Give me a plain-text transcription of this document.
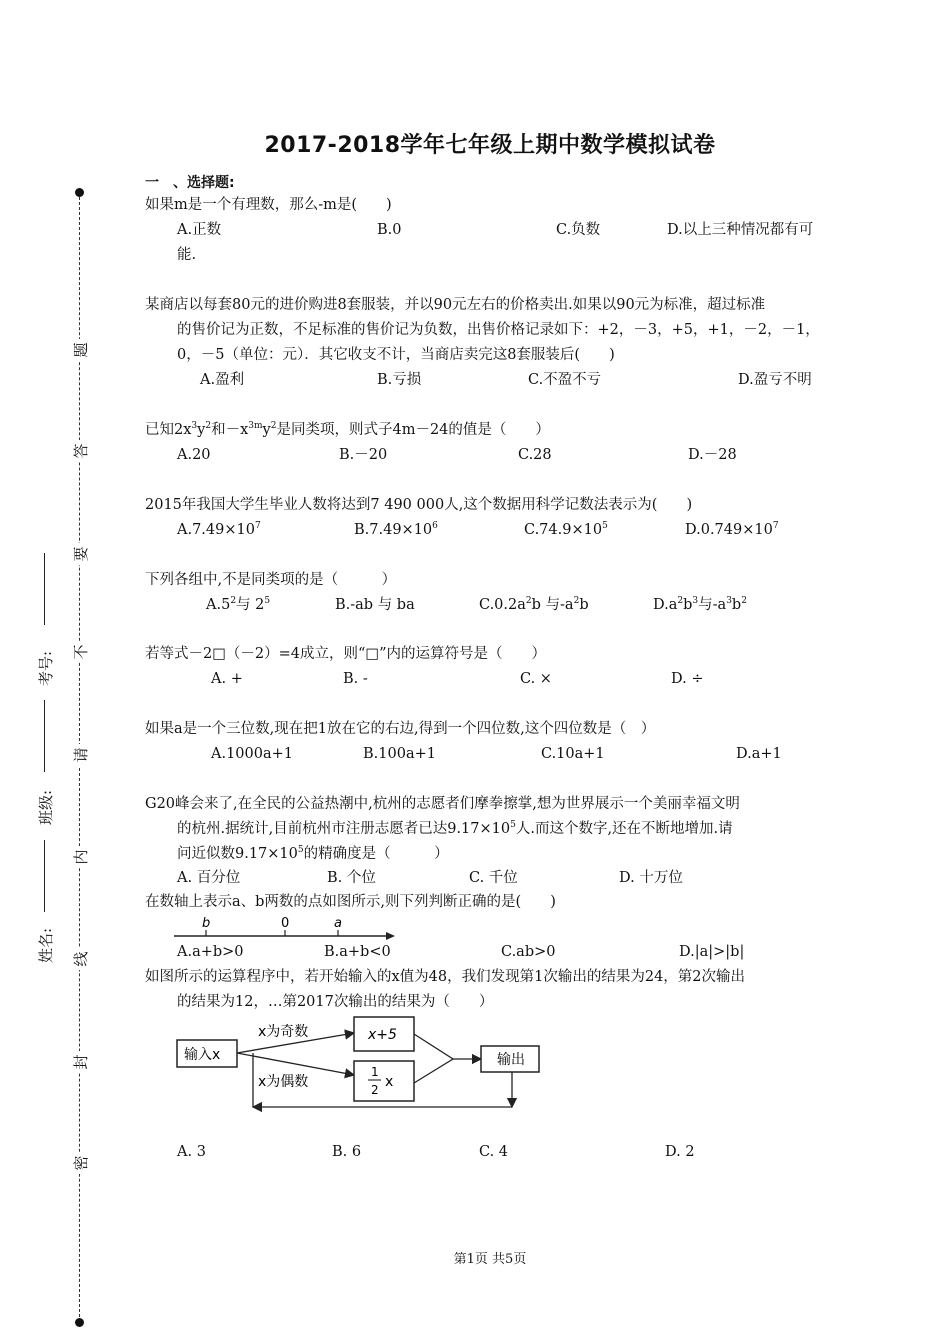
题
答
要
不
请
内
线
封
密
考号:
班级:
姓名:
2017-2018学年七年级上期中数学模拟试卷
一　、选择题:
如果m是一个有理数，那么-m是(　　)
A.正数	B.0	C.负数	D.以上三种情况都有可
能.
某商店以每套80元的进价购进8套服装，并以90元左右的价格卖出.如果以90元为标准，超过标准
的售价记为正数，不足标准的售价记为负数，出售价格记录如下：+2，－3，+5，+1，－2，－1，
0，－5（单位：元）．其它收支不计，当商店卖完这8套服装后(　　)
A.盈利	B.亏损	C.不盈不亏	D.盈亏不明
已知$2x^3y^2$和$-x^{3m}y^2$是同类项，则式子4m－24的值是（　　）
A.20	B.－20	C.28	D.－28
2015年我国大学生毕业人数将达到7 490 000人,这个数据用科学记数法表示为(　　)
$A.7.49\times 10^7$	$B.7.49\times 10^6$	$C.74.9\times 10^5$	$D.0.749\times 10^7$
下列各组中,不是同类项的是（　　　）
$A.5^2$与 $2^5$	B.-ab 与 ba	$C.0.2a^2b$ 与$-a^2b$	$D.a^2b^3$与$-a^3b^2$
若等式－2□（－2）=4成立，则“□”内的运算符号是（　　）
A. +	B. -	C. ×	D. ÷
如果a是一个三位数,现在把1放在它的右边,得到一个四位数,这个四位数是（　）
A.1000a+1	B.100a+1	C.10a+1	D.a+1
G20峰会来了,在全民的公益热潮中,杭州的志愿者们摩拳擦掌,想为世界展示一个美丽幸福文明
的杭州.据统计,目前杭州市注册志愿者已达$9.17\times 10^5$人.而这个数字,还在不断地增加.请
问近似数$9.17\times 10^5$的精确度是（　　　）
A. 百分位	B. 个位	C. 千位	D. 十万位
在数轴上表示a、b两数的点如图所示,则下列判断正确的是(　　)
b	0	a
A.a+b>0	B.a+b<0	C.ab>0	D.|a|>|b|
如图所示的运算程序中，若开始输入的x值为48，我们发现第1次输出的结果为24，第2次输出
的结果为12，…第2017次输出的结果为（　　）
输入x
x为奇数
x为偶数
x+5
1
2 x
输出
A. 3	B. 6	C. 4	D. 2
第1页 共5页
